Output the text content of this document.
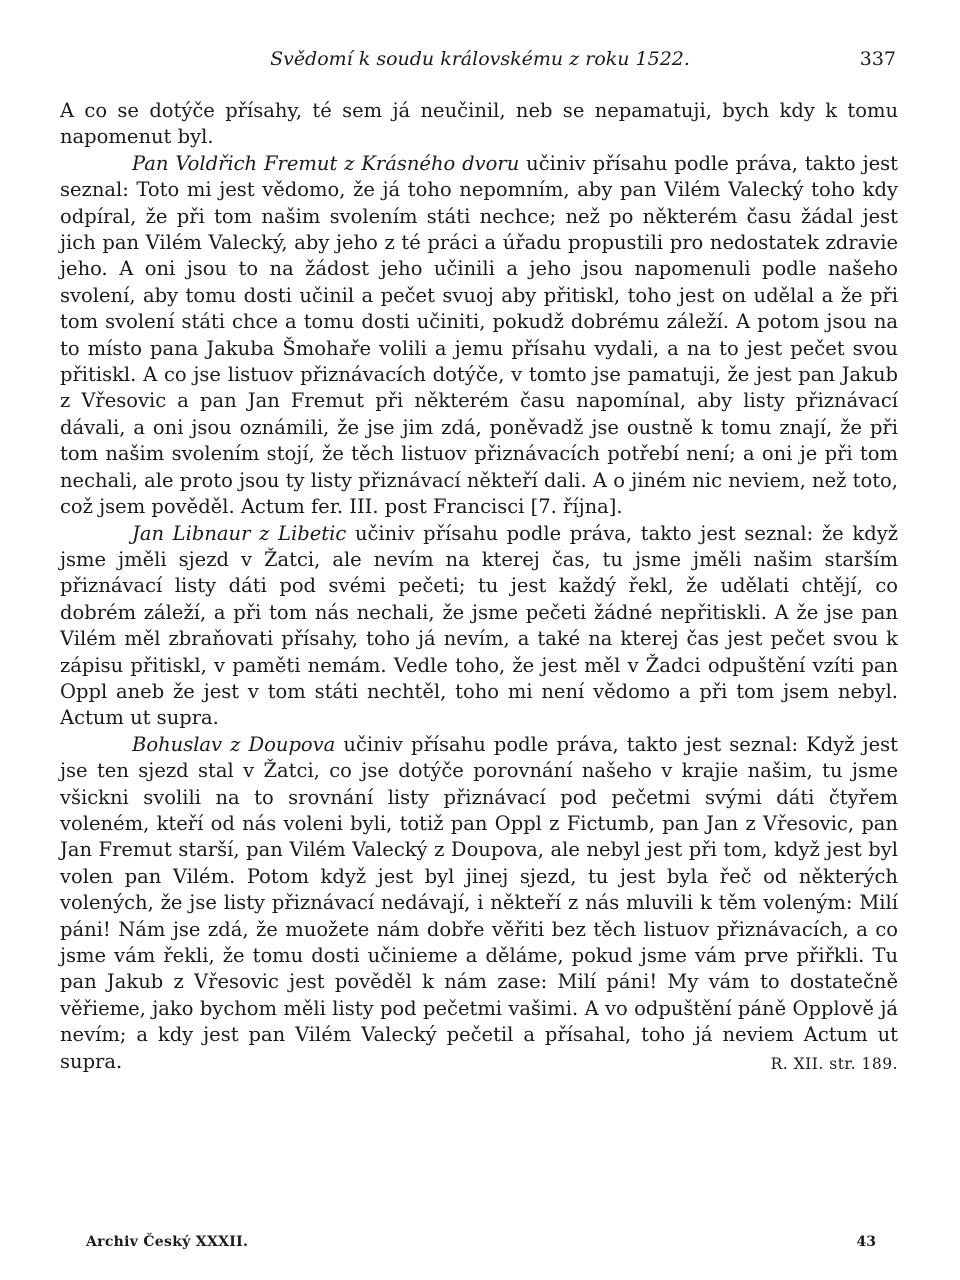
Svědomí k soudu královskému z roku 1522.	337

A co se dotýče přísahy, té sem já neučinil, neb se nepamatuji, bych kdy k tomu napomenut byl.

Pan Voldřich Fremut z Krásného dvoru učiniv přísahu podle práva, takto jest seznal: Toto mi jest vědomo, že já toho nepomním, aby pan Vilém Valecký toho kdy odpíral, že při tom našim svolením státi nechce; než po některém času žádal jest jich pan Vilém Valecký, aby jeho z té práci a úřadu propustili pro nedostatek zdravie jeho. A oni jsou to na žádost jeho učinili a jeho jsou napomenuli podle našeho svolení, aby tomu dosti učinil a pečet svuoj aby přitiskl, toho jest on udělal a že při tom svolení státi chce a tomu dosti učiniti, pokudž dobrému záleží. A potom jsou na to místo pana Jakuba Šmohaře volili a jemu přísahu vydali, a na to jest pečet svou přitiskl. A co jse listuov přiznávacích dotýče, v tomto jse pamatuji, že jest pan Jakub z Vřesovic a pan Jan Fremut při některém času napomínal, aby listy přiznávací dávali, a oni jsou oznámili, že jse jim zdá, poněvadž jse oustně k tomu znají, že při tom našim svolením stojí, že těch listuov přiznávacích potřebí není; a oni je při tom nechali, ale proto jsou ty listy přiznávací někteří dali. A o jiném nic neviem, než toto, což jsem pověděl. Actum fer. III. post Francisci [7. října].

Jan Libnaur z Libetic učiniv přísahu podle práva, takto jest seznal: že když jsme jměli sjezd v Žatci, ale nevím na kterej čas, tu jsme jměli našim starším přiznávací listy dáti pod svémi pečeti; tu jest každý řekl, že udělati chtějí, co dobrém záleží, a při tom nás nechali, že jsme pečeti žádné nepřitiskli. A že jse pan Vilém měl zbraňovati přísahy, toho já nevím, a také na kterej čas jest pečet svou k zápisu přitiskl, v paměti nemám. Vedle toho, že jest měl v Žadci odpuštění vzíti pan Oppl aneb že jest v tom státi nechtěl, toho mi není vědomo a při tom jsem nebyl. Actum ut supra.

Bohuslav z Doupova učiniv přísahu podle práva, takto jest seznal: Když jest jse ten sjezd stal v Žatci, co jse dotýče porovnání našeho v krajie našim, tu jsme všickni svolili na to srovnání listy přiznávací pod pečetmi svými dáti čtyřem voleném, kteří od nás voleni byli, totiž pan Oppl z Fictumb, pan Jan z Vřesovic, pan Jan Fremut starší, pan Vilém Valecký z Doupova, ale nebyl jest při tom, když jest byl volen pan Vilém. Potom když jest byl jinej sjezd, tu jest byla řeč od některých volených, že jse listy přiznávací nedávají, i někteří z nás mluvili k těm voleným: Milí páni! Nám jse zdá, že muožete nám dobře věřiti bez těch listuov přiznávacích, a co jsme vám řekli, že tomu dosti učinieme a děláme, pokud jsme vám prve přiřkli. Tu pan Jakub z Vřesovic jest pověděl k nám zase: Milí páni! My vám to dostatečně věřieme, jako bychom měli listy pod pečetmi vašimi. A vo odpuštění páně Opplově já nevím; a kdy jest pan Vilém Valecký pečetil a přísahal, toho já neviem Actum ut supra.	R. XII. str. 189.

Archiv Český XXXII.	43
